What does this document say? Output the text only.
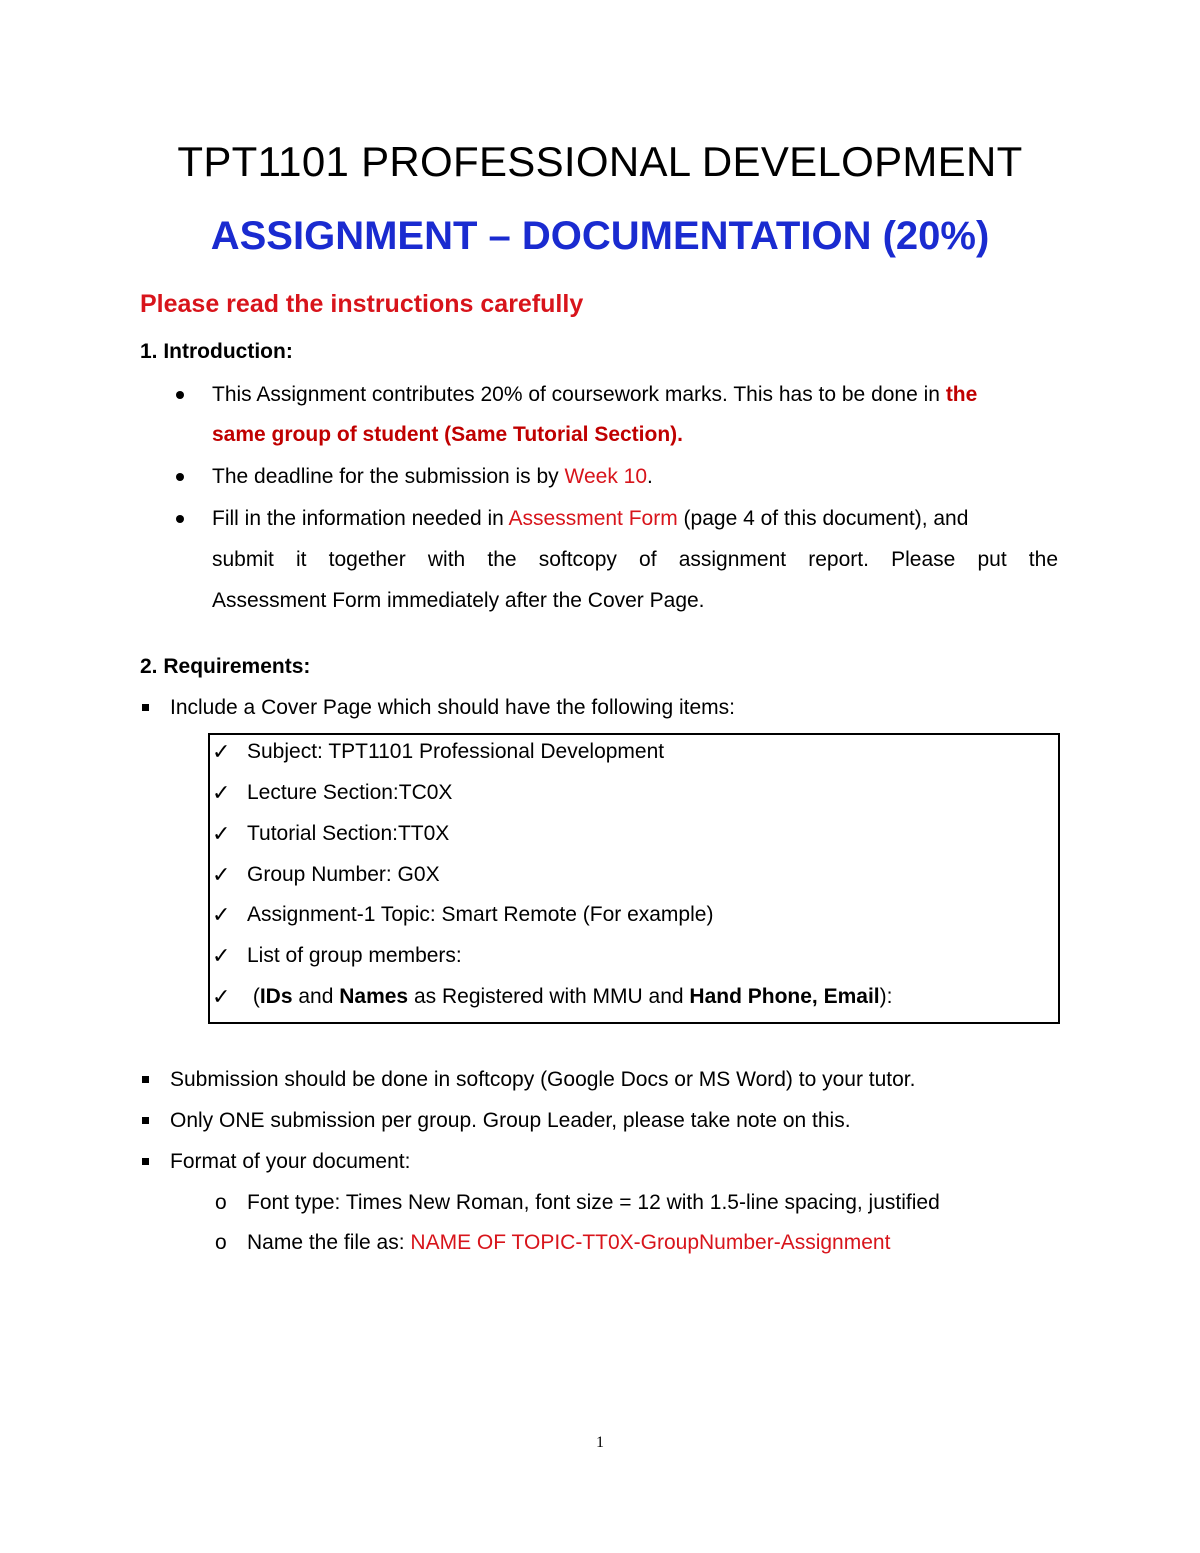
TPT1101 PROFESSIONAL DEVELOPMENT
ASSIGNMENT – DOCUMENTATION (20%)

Please read the instructions carefully

1. Introduction:

This Assignment contributes 20% of coursework marks. This has to be done in the
same group of student (Same Tutorial Section).
The deadline for the submission is by Week 10.
Fill in the information needed in Assessment Form (page 4 of this document), and
submit it together with the softcopy of assignment report. Please put the
Assessment Form immediately after the Cover Page.

2. Requirements:

Include a Cover Page which should have the following items:
✓ Subject: TPT1101 Professional Development
✓ Lecture Section:TC0X
✓ Tutorial Section:TT0X
✓ Group Number: G0X
✓ Assignment-1 Topic: Smart Remote (For example)
✓ List of group members:
✓ (IDs and Names as Registered with MMU and Hand Phone, Email):
Submission should be done in softcopy (Google Docs or MS Word) to your tutor.
Only ONE submission per group. Group Leader, please take note on this.
Format of your document:
o Font type: Times New Roman, font size = 12 with 1.5-line spacing, justified
o Name the file as: NAME OF TOPIC-TT0X-GroupNumber-Assignment
1
